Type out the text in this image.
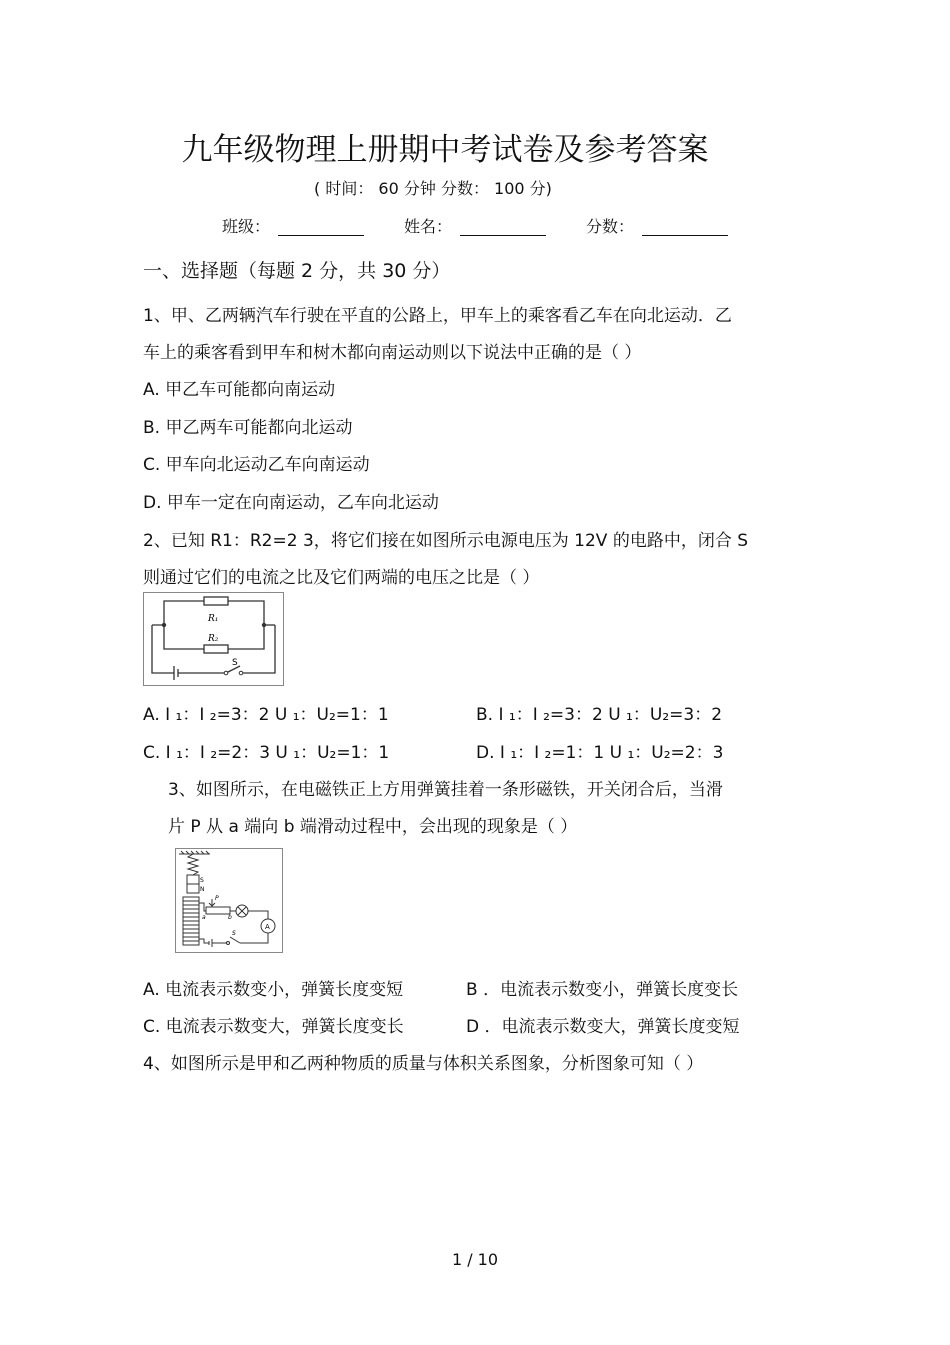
九年级物理上册期中考试卷及参考答案
( 时间： 60 分钟 分数： 100 分)
班级：	姓名：	分数：
一、选择题（每题 2 分，共 30 分）
1、甲、乙两辆汽车行驶在平直的公路上，甲车上的乘客看乙车在向北运动．乙
车上的乘客看到甲车和树木都向南运动则以下说法中正确的是（ ）
A. 甲乙车可能都向南运动
B. 甲乙两车可能都向北运动
C. 甲车向北运动乙车向南运动
D. 甲车一定在向南运动，乙车向北运动
2、已知 R1：R2=2 3，将它们接在如图所示电源电压为 12V 的电路中，闭合 S
则通过它们的电流之比及它们两端的电压之比是（ ）
R₁
R₂
S
A. I ₁：I ₂=3：2 U ₁：U₂=1：1	B. I ₁：I ₂=3：2 U ₁：U₂=3：2
C. I ₁：I ₂=2：3 U ₁：U₂=1：1	D. I ₁：I ₂=1：1 U ₁：U₂=2：3
3、如图所示，在电磁铁正上方用弹簧挂着一条形磁铁，开关闭合后，当滑
片 P 从 a 端向 b 端滑动过程中，会出现的现象是（ ）
S
N
P
a	b
S
A
A. 电流表示数变小，弹簧长度变短	B ．电流表示数变小，弹簧长度变长
C. 电流表示数变大，弹簧长度变长	D ．电流表示数变大，弹簧长度变短
4、如图所示是甲和乙两种物质的质量与体积关系图象，分析图象可知（ ）
1 / 10
